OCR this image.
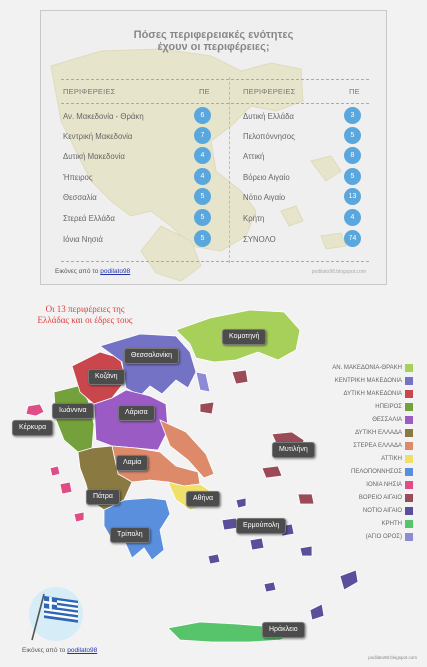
Πόσες περιφερειακές ενότητες
έχουν οι περιφέρειες;
ΠΕΡΙΦΕΡΕΙΕΣ	ΠΕ	ΠΕΡΙΦΕΡΕΙΕΣ	ΠΕ
Αν. Μακεδονία - Θράκη	6
Κεντρική Μακεδονία	7
Δυτική Μακεδονία	4
Ήπειρος	4
Θεσσαλία	5
Στερεά Ελλάδα	5
Ιόνια Νησιά	5
Δυτική Ελλάδα	3
Πελοπόννησος	5
Αττική	8
Βόρειο Αιγαίο	5
Νότιο Αιγαίο	13
Κρήτη	4
ΣΥΝΟΛΟ	74
Εικόνες από το podilato98	podilato98.blogspot.com
Οι 13 περιφέρειες της
Ελλάδας και οι έδρες τους
Κομοτηνή
Θεσσαλονίκη
Κοζάνη
Ιωάννινα	Λάρισα
Κέρκυρα
Μυτιλήνη
Λαμία
Πάτρα	Αθήνα
Ερμούπολη
Τρίπολη
Ηράκλειο
ΑΝ. ΜΑΚΕΔΟΝΙΑ-ΘΡΑΚΗ
ΚΕΝΤΡΙΚΗ ΜΑΚΕΔΟΝΙΑ
ΔΥΤΙΚΗ ΜΑΚΕΔΟΝΙΑ
ΗΠΕΙΡΟΣ
ΘΕΣΣΑΛΙΑ
ΔΥΤΙΚΗ ΕΛΛΑΔΑ
ΣΤΕΡΕΑ ΕΛΛΑΔΑ
ΑΤΤΙΚΗ
ΠΕΛΟΠΟΝΝΗΣΟΣ
ΙΟΝΙΑ ΝΗΣΙΑ
ΒΟΡΕΙΟ ΑΙΓΑΙΟ
ΝΟΤΙΟ ΑΙΓΑΙΟ
ΚΡΗΤΗ
(ΑΓΙΟ ΟΡΟΣ)
Εικόνες από το podilato98
podilato98.blogspot.com
